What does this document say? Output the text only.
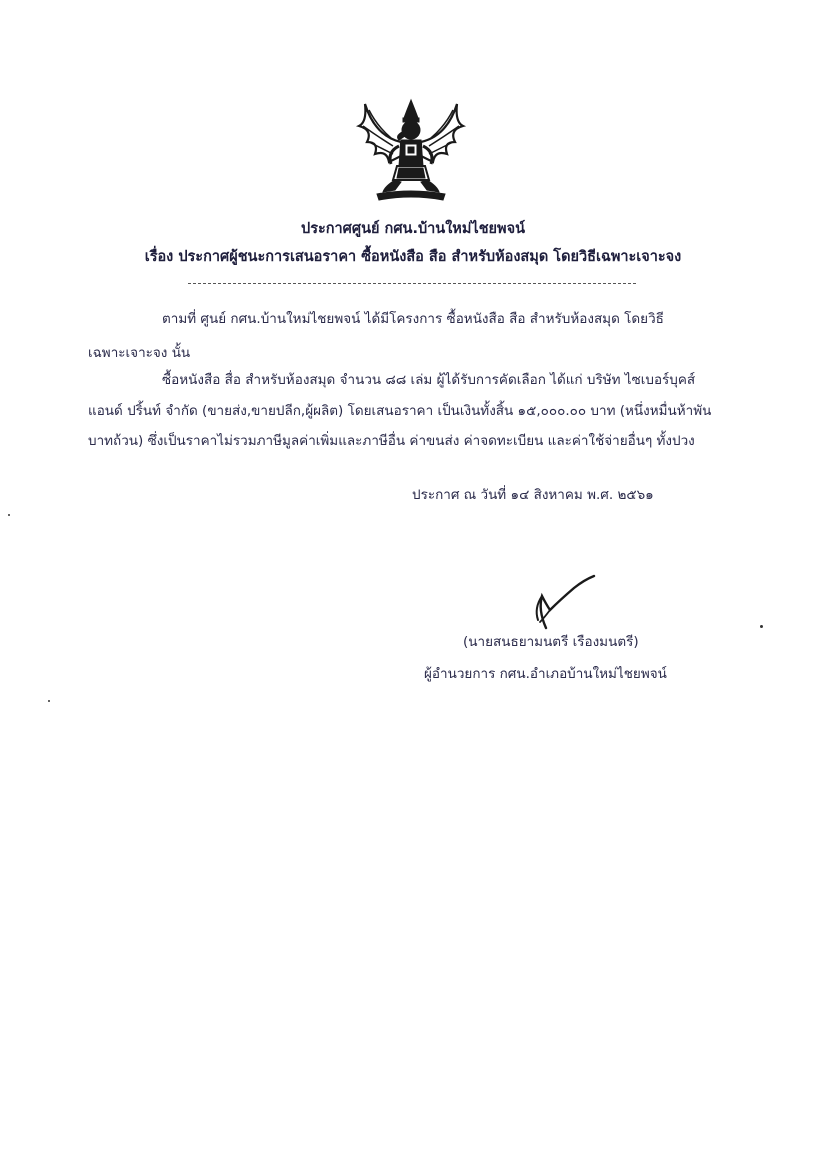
ประกาศศูนย์ กศน.บ้านใหม่ไชยพจน์
เรื่อง ประกาศผู้ชนะการเสนอราคา ซื้อหนังสือ สือ สำหรับห้องสมุด โดยวิธีเฉพาะเจาะจง
ตามที่ ศูนย์ กศน.บ้านใหม่ไชยพจน์ ได้มีโครงการ ซื้อหนังสือ สือ สำหรับห้องสมุด โดยวิธี
เฉพาะเจาะจง นั้น
ซื้อหนังสือ สื่อ สำหรับห้องสมุด จำนวน ๘๘ เล่ม ผู้ได้รับการคัดเลือก ได้แก่ บริษัท ไซเบอร์บุคส์
แอนด์ ปริ้นท์ จำกัด (ขายส่ง,ขายปลีก,ผู้ผลิต) โดยเสนอราคา เป็นเงินทั้งสิ้น ๑๕,๐๐๐.๐๐ บาท (หนึ่งหมื่นห้าพัน
บาทถ้วน) ซึ่งเป็นราคาไม่รวมภาษีมูลค่าเพิ่มและภาษีอื่น ค่าขนส่ง ค่าจดทะเบียน และค่าใช้จ่ายอื่นๆ ทั้งปวง
ประกาศ ณ วันที่ ๑๔ สิงหาคม พ.ศ. ๒๕๖๑
(นายสนธยามนตรี เรืองมนตรี)
ผู้อำนวยการ กศน.อำเภอบ้านใหม่ไชยพจน์
